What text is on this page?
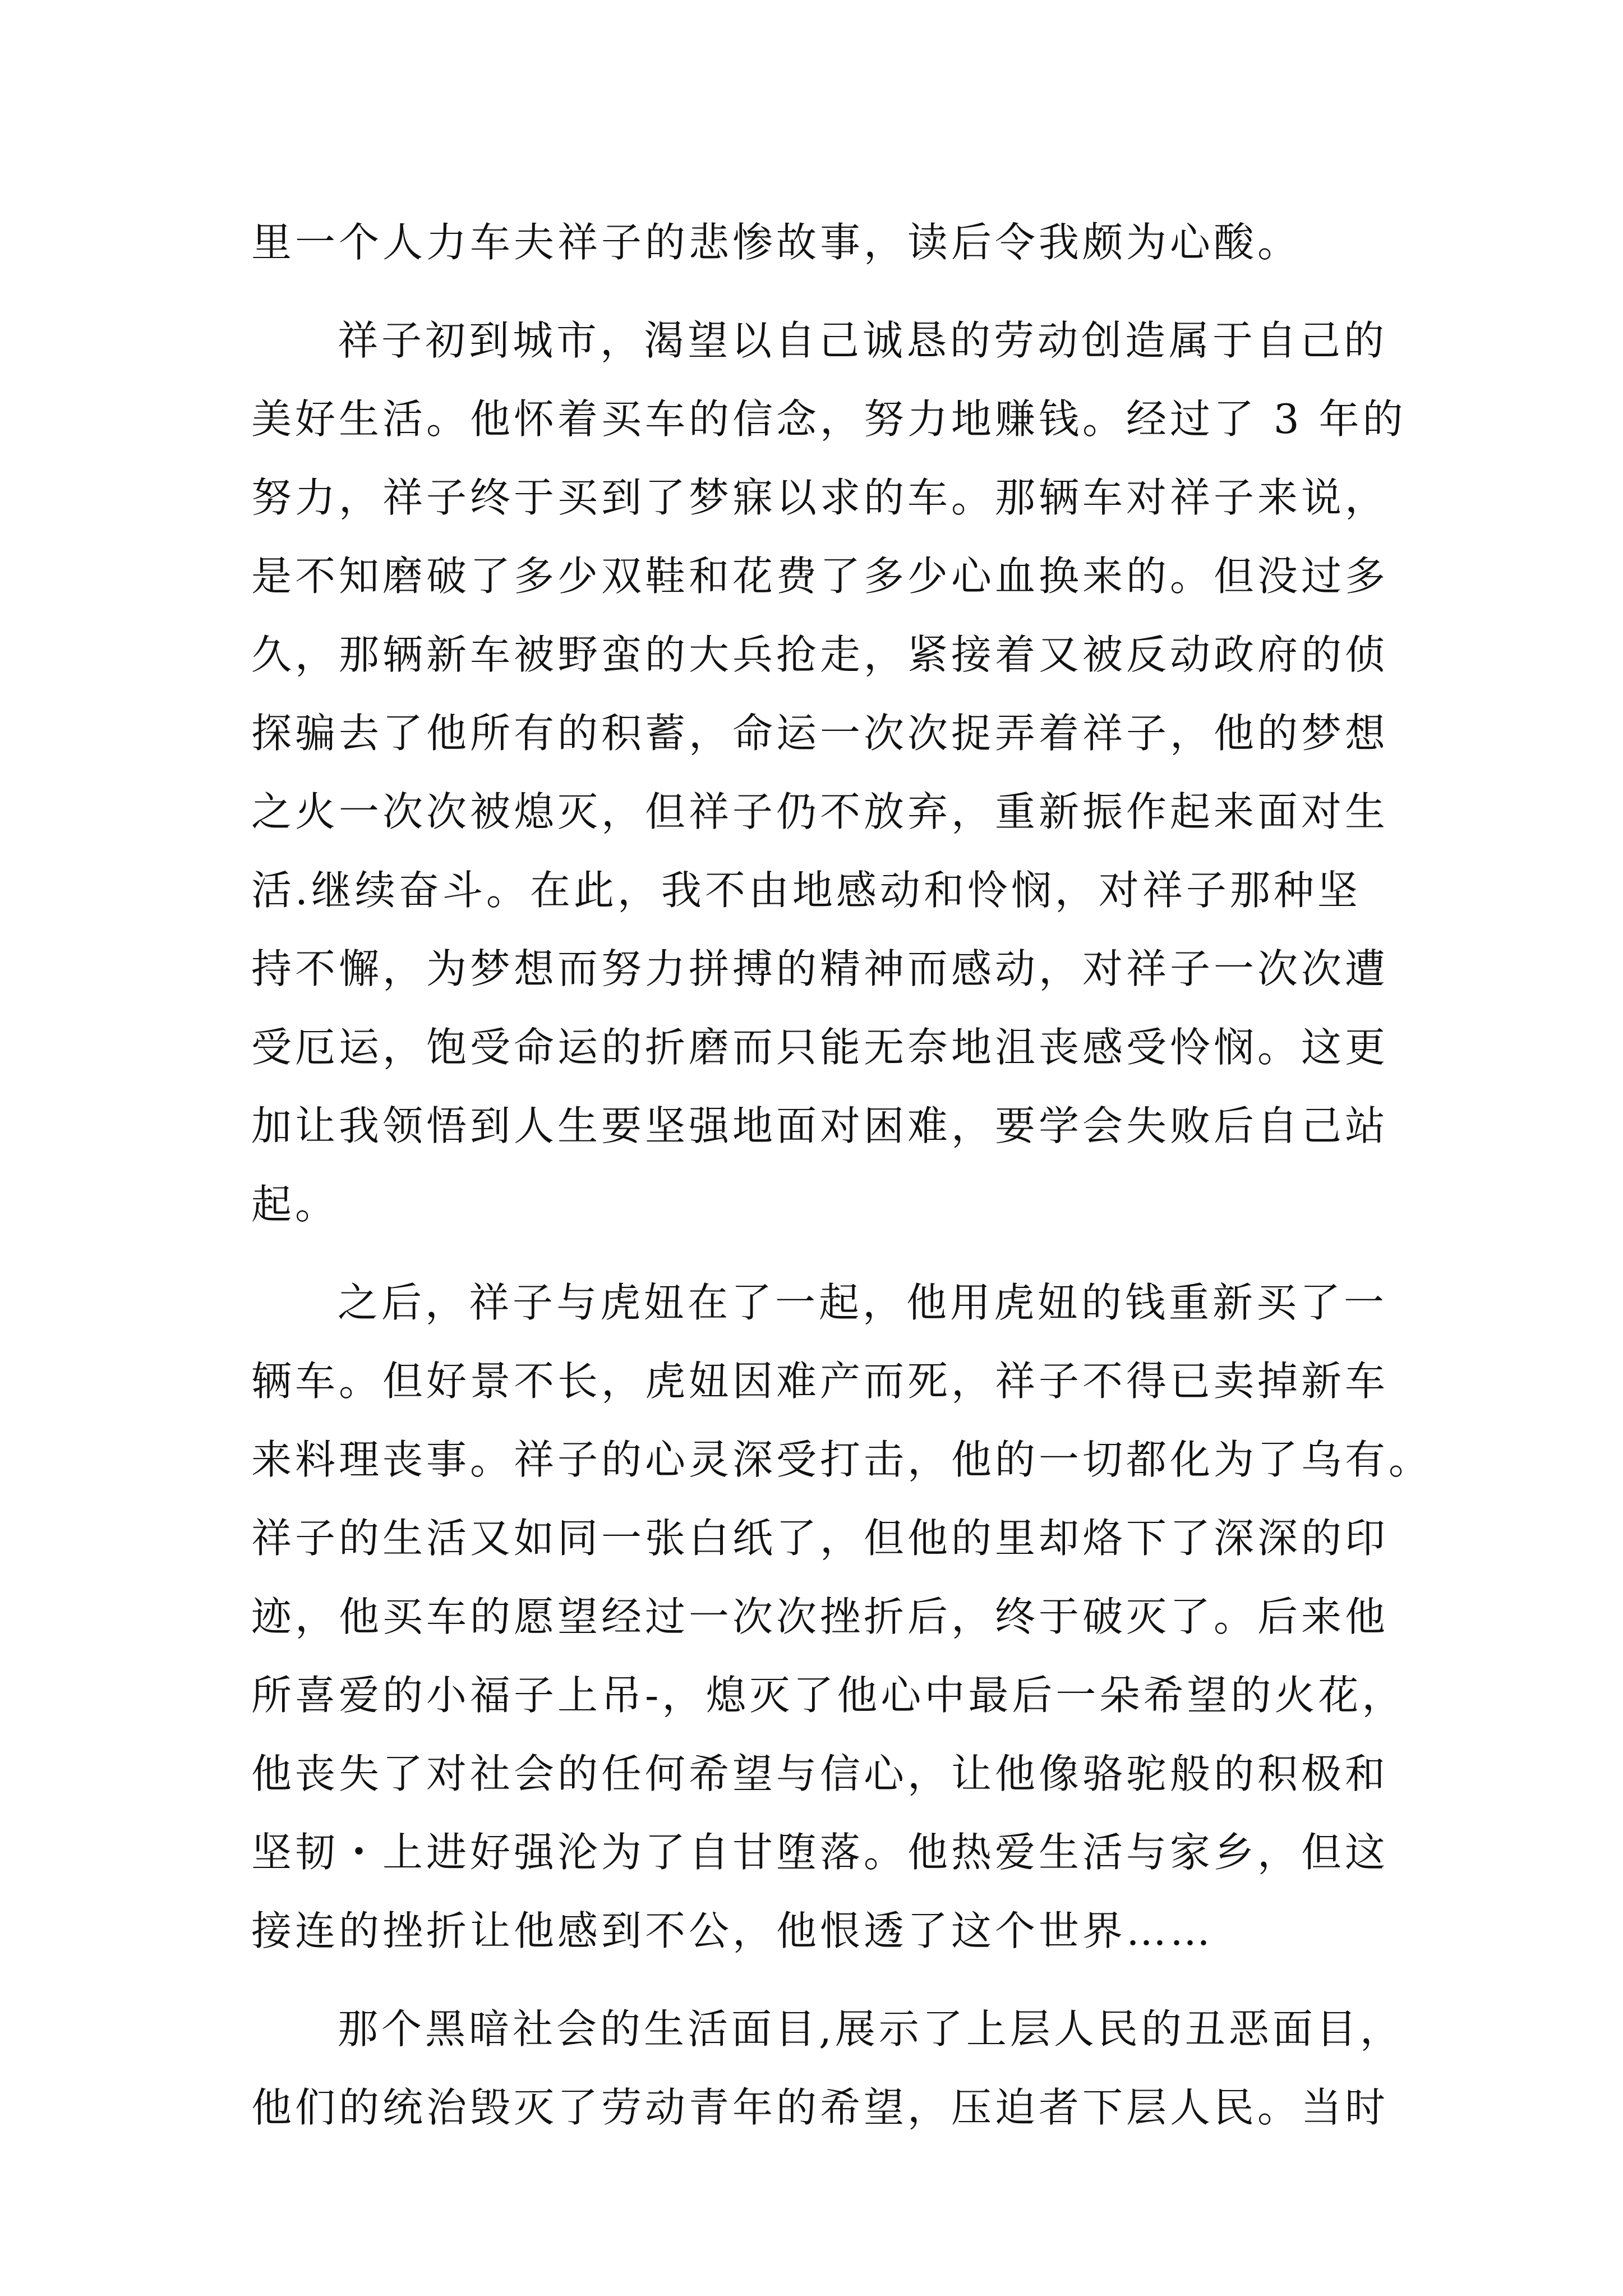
里一个人力车夫祥子的悲惨故事，读后令我颇为心酸。
祥子初到城市，渴望以自己诚恳的劳动创造属于自己的
美好生活。他怀着买车的信念，努力地赚钱。经过了 3 年的
努力，祥子终于买到了梦寐以求的车。那辆车对祥子来说，
是不知磨破了多少双鞋和花费了多少心血换来的。但没过多
久，那辆新车被野蛮的大兵抢走，紧接着又被反动政府的侦
探骗去了他所有的积蓄，命运一次次捉弄着祥子，他的梦想
之火一次次被熄灭，但祥子仍不放弃，重新振作起来面对生
活.继续奋斗。在此，我不由地感动和怜悯，对祥子那种坚
持不懈，为梦想而努力拼搏的精神而感动，对祥子一次次遭
受厄运，饱受命运的折磨而只能无奈地沮丧感受怜悯。这更
加让我领悟到人生要坚强地面对困难，要学会失败后自己站
起。
之后，祥子与虎妞在了一起，他用虎妞的钱重新买了一
辆车。但好景不长，虎妞因难产而死，祥子不得已卖掉新车
来料理丧事。祥子的心灵深受打击，他的一切都化为了乌有。
祥子的生活又如同一张白纸了，但他的里却烙下了深深的印
迹，他买车的愿望经过一次次挫折后，终于破灭了。后来他
所喜爱的小福子上吊-，熄灭了他心中最后一朵希望的火花，
他丧失了对社会的任何希望与信心，让他像骆驼般的积极和
坚韧・上进好强沦为了自甘堕落。他热爱生活与家乡，但这
接连的挫折让他感到不公，他恨透了这个世界……
那个黑暗社会的生活面目,展示了上层人民的丑恶面目，
他们的统治毁灭了劳动青年的希望，压迫者下层人民。当时
